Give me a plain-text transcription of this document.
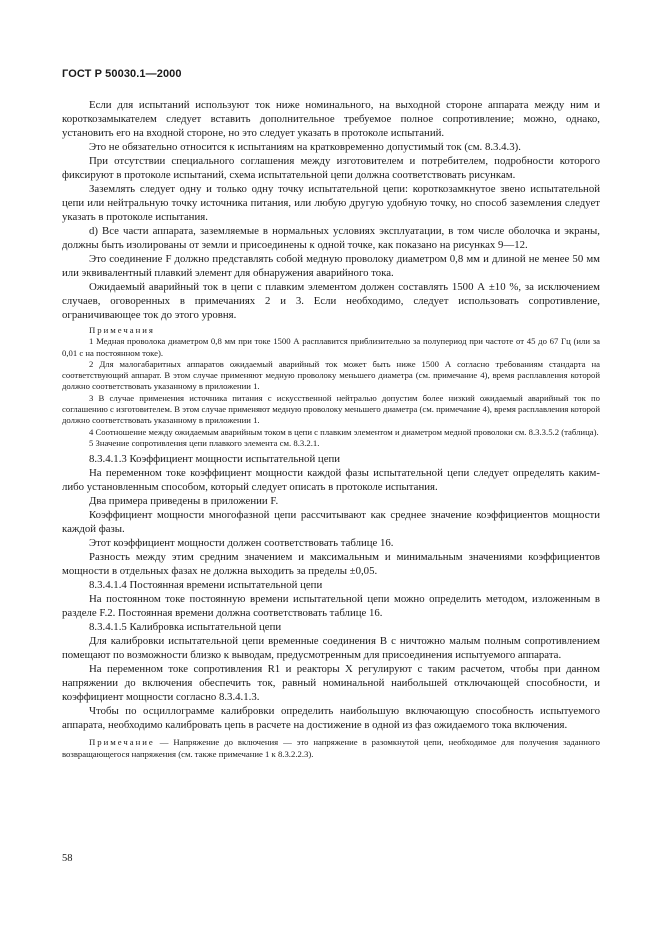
ГОСТ Р 50030.1—2000

Если для испытаний используют ток ниже номинального, на выходной стороне аппарата между ним и короткозамыкателем следует вставить дополнительное требуемое полное сопротивление; можно, однако, установить его на входной стороне, но это следует указать в протоколе испытаний.

Это не обязательно относится к испытаниям на кратковременно допустимый ток (см. 8.3.4.3).

При отсутствии специального соглашения между изготовителем и потребителем, подробности которого фиксируют в протоколе испытаний, схема испытательной цепи должна соответствовать рисункам.

Заземлять следует одну и только одну точку испытательной цепи: короткозамкнутое звено испытательной цепи или нейтральную точку источника питания, или любую другую удобную точку, но способ заземления следует указать в протоколе испытания.

d) Все части аппарата, заземляемые в нормальных условиях эксплуатации, в том числе оболочка и экраны, должны быть изолированы от земли и присоединены к одной точке, как показано на рисунках 9—12.

Это соединение F должно представлять собой медную проволоку диаметром 0,8 мм и длиной не менее 50 мм или эквивалентный плавкий элемент для обнаружения аварийного тока.

Ожидаемый аварийный ток в цепи с плавким элементом должен составлять 1500 А ±10 %, за исключением случаев, оговоренных в примечаниях 2 и 3. Если необходимо, следует использовать сопротивление, ограничивающее ток до этого уровня.

Примечания

1 Медная проволока диаметром 0,8 мм при токе 1500 А расплавится приблизительно за полупериод при частоте от 45 до 67 Гц (или за 0,01 с на постоянном токе).

2 Для малогабаритных аппаратов ожидаемый аварийный ток может быть ниже 1500 А согласно требованиям стандарта на соответствующий аппарат. В этом случае применяют медную проволоку меньшего диаметра (см. примечание 4), время расплавления которой должно соответствовать указанному в приложении 1.

3 В случае применения источника питания с искусственной нейтралью допустим более низкий ожидаемый аварийный ток по соглашению с изготовителем. В этом случае применяют медную проволоку меньшего диаметра (см. примечание 4), время расплавления которой должно соответствовать указанному в приложении 1.

4 Соотношение между ожидаемым аварийным током в цепи с плавким элементом и диаметром медной проволоки см. 8.3.3.5.2 (таблица).

5 Значение сопротивления цепи плавкого элемента см. 8.3.2.1.

8.3.4.1.3 Коэффициент мощности испытательной цепи

На переменном токе коэффициент мощности каждой фазы испытательной цепи следует определять каким-либо установленным способом, который следует описать в протоколе испытания.

Два примера приведены в приложении F.

Коэффициент мощности многофазной цепи рассчитывают как среднее значение коэффициентов мощности каждой фазы.

Этот коэффициент мощности должен соответствовать таблице 16.

Разность между этим средним значением и максимальным и минимальным значениями коэффициентов мощности в отдельных фазах не должна выходить за пределы ±0,05.

8.3.4.1.4 Постоянная времени испытательной цепи

На постоянном токе постоянную времени испытательной цепи можно определить методом, изложенным в разделе F.2. Постоянная времени должна соответствовать таблице 16.

8.3.4.1.5 Калибровка испытательной цепи

Для калибровки испытательной цепи временные соединения В с ничтожно малым полным сопротивлением помещают по возможности близко к выводам, предусмотренным для присоединения испытуемого аппарата.

На переменном токе сопротивления R1 и реакторы X регулируют с таким расчетом, чтобы при данном напряжении до включения обеспечить ток, равный номинальной наибольшей отключающей способности, и коэффициент мощности согласно 8.3.4.1.3.

Чтобы по осциллограмме калибровки определить наибольшую включающую способность испытуемого аппарата, необходимо калибровать цепь в расчете на достижение в одной из фаз ожидаемого тока включения.

Примечание — Напряжение до включения — это напряжение в разомкнутой цепи, необходимое для получения заданного возвращающегося напряжения (см. также примечание 1 к 8.3.2.2.3).

58
